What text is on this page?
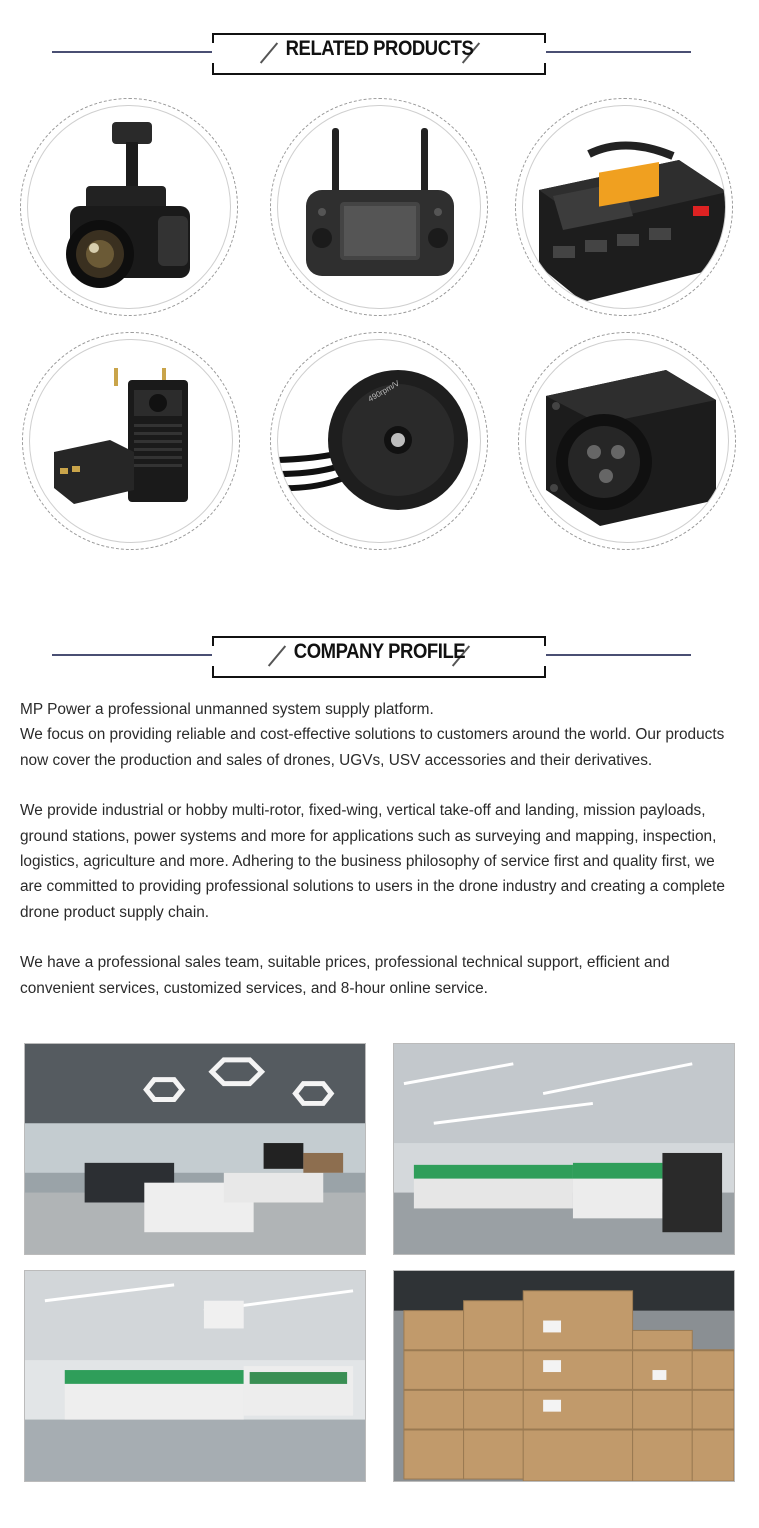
RELATED PRODUCTS
490rpm/V
COMPANY PROFILE

MP Power a professional unmanned system supply platform.
We focus on providing reliable and cost-effective solutions to customers around the world. Our products now cover the production and sales of drones, UGVs, USV accessories and their derivatives.

We provide industrial or hobby multi-rotor, fixed-wing, vertical take-off and landing, mission payloads, ground stations, power systems and more for applications such as surveying and mapping, inspection, logistics, agriculture and more. Adhering to the business philosophy of service first and quality first, we are committed to providing professional solutions to users in the drone industry and creating a complete drone product supply chain.

We have a professional sales team, suitable prices, professional technical support, efficient and convenient services, customized services, and 8-hour online service.
